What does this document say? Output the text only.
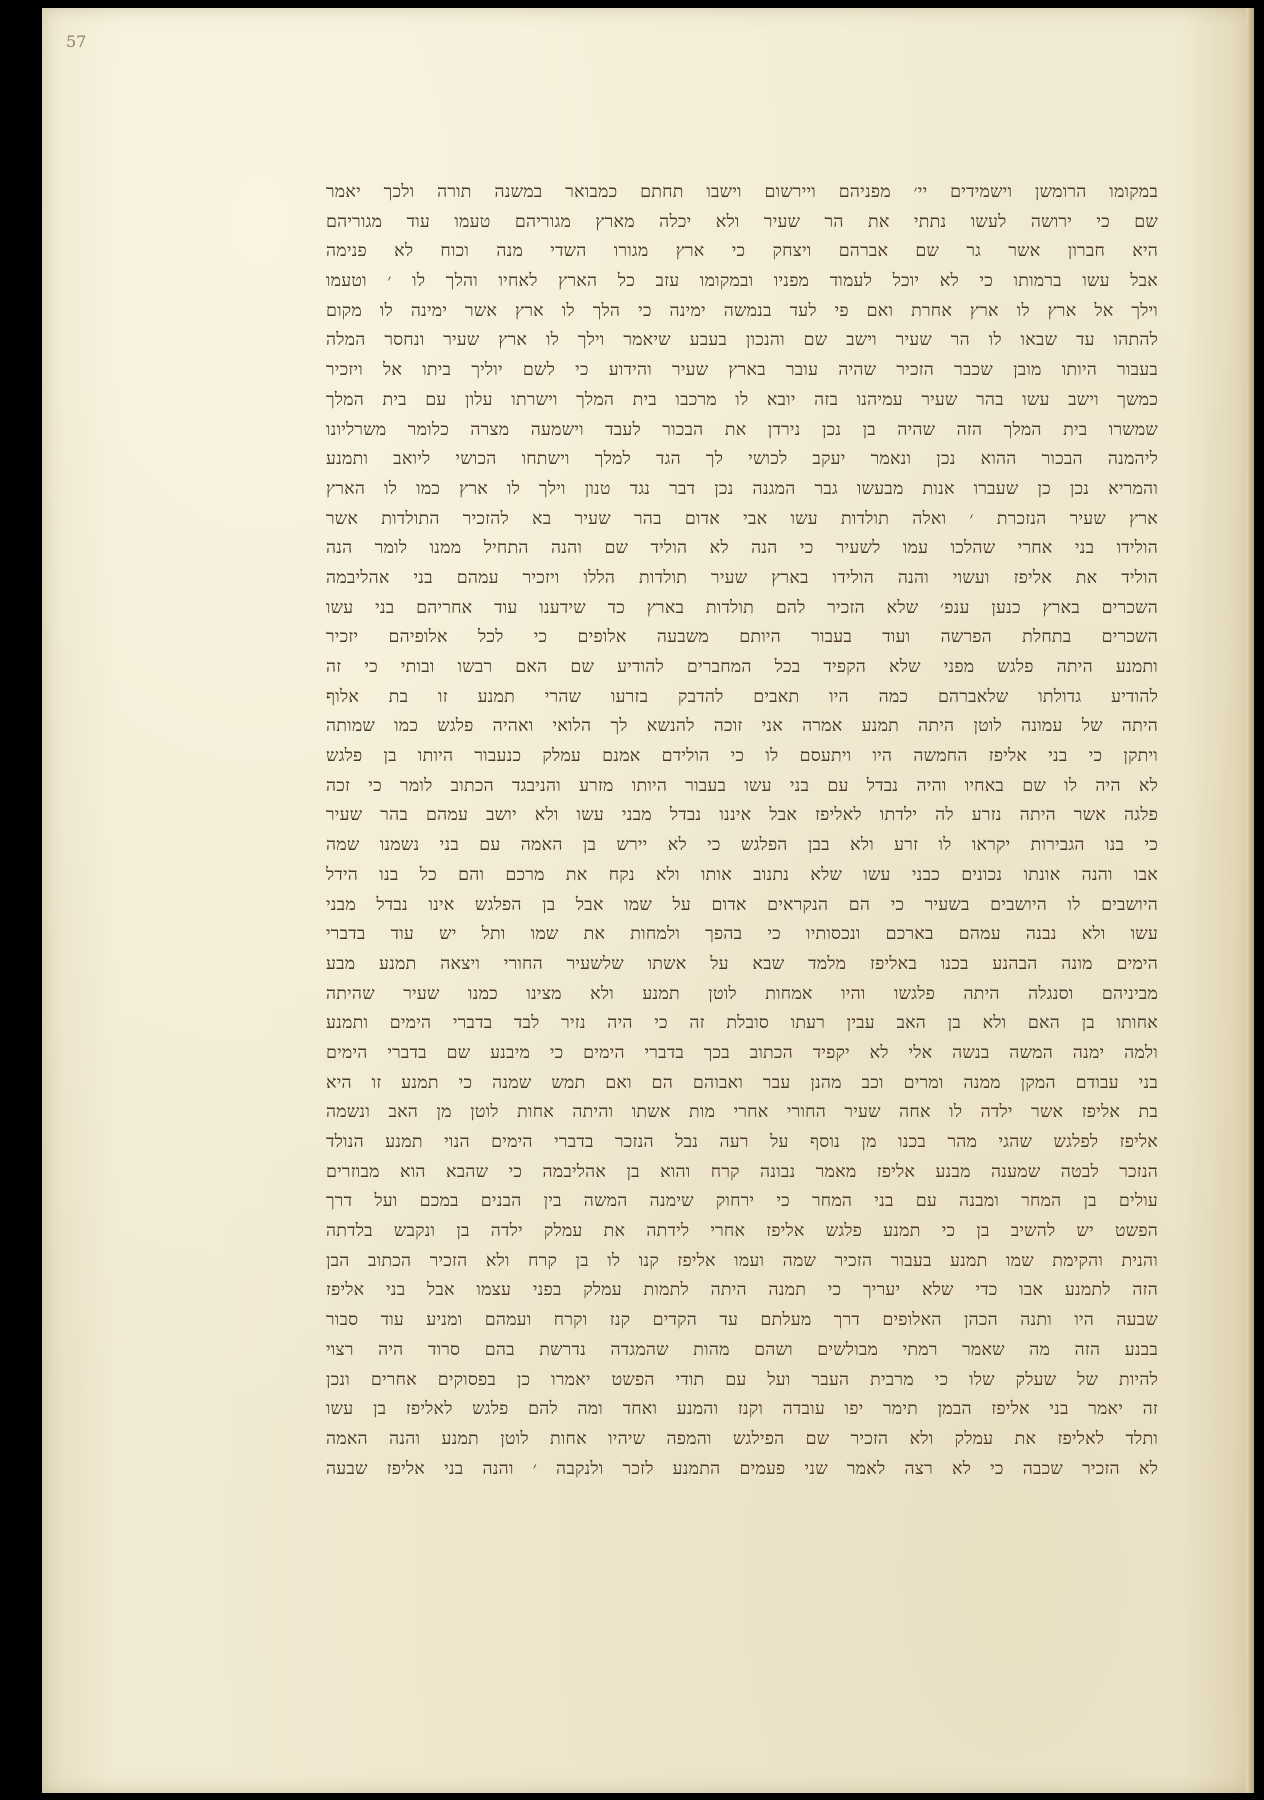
57
במקומו הרומשן וישמידים יי׳ מפניהם ויירשום וישבו תחתם כמבואר במשנה תורה ולכך יאמר
שם כי ירושה לעשו נתתי את הר שעיר ולא יכלה מארץ מגוריהם טעמו עוד מגוריהם
היא חברון אשר גר שם אברהם ויצחק כי ארץ מגורו השדי מנה וכוח לא פנימה
אבל עשו ברמותו כי לא יוכל לעמוד מפניו ובמקומו עזב כל הארץ לאחיו והלך לו ׳ וטעמו
וילך אל ארץ לו ארץ אחרת ואם פי לעד בנמשה ימינה כי הלך לו ארץ אשר ימינה לו מקום
להתהו עד שבאו לו הר שעיר וישב שם והנכון בעבע שיאמר וילך לו ארץ שעיר ונחסר המלה
בעבור היותו מובן שכבר הזכיר שהיה עובר בארץ שעיר והידוע כי לשם יוליך ביתו אל ויזכיר
כמשך וישב עשו בהר שעיר עמיהנו בזה יובא לו מרכבו בית המלך וישרתו עלון עם בית המלך
שמשרו בית המלך הזה שהיה בן נכן נירדן את הבכור לעבד וישמעה מצרה כלומר משרליונו
ליהמנה הבכור ההוא נכן ונאמר יעקב לכושי לך הגד למלך וישתחו הכושי ליואב ותמנע
והמריא נכן כן שעברו אנות מבעשו גבר המגנה נכן דבר נגד טנון וילך לו ארץ כמו לו הארץ
ארץ שעיר הנזכרת ׳ ואלה תולדות עשו אבי אדום בהר שעיר בא להזכיר התולדות אשר
הולידו בני אחרי שהלכו עמו לשעיר כי הנה לא הוליד שם והנה התחיל ממנו לומר הנה
הוליד את אליפז ועשוי והנה הולידו בארץ שעיר תולדות הללו ויזכיר עמהם בני אהליבמה
השכרים בארץ כנען ענפ׳ שלא הזכיר להם תולדות בארץ כד שידענו עוד אחריהם בני עשו
השכרים בתחלת הפרשה ועוד בעבור היותם משבעה אלופים כי לכל אלופיהם יזכיר
ותמנע היתה פלגש מפני שלא הקפיד בכל המחברים להודיע שם האם רבשו ובותי כי זה
להודיע גדולתו שלאברהם כמה היו תאבים להדבק בזרעו שהרי תמנע זו בת אלוף
היתה של עמונה לוטן היתה תמנע אמרה אני זוכה להנשא לך הלואי ואהיה פלגש כמו שמותה
ויתקן כי בני אליפז החמשה היו ויתעסם לו כי הולידם אמנם עמלק כנעבור היותו בן פלגש
לא היה לו שם באחיו והיה נבדל עם בני עשו בעבור היותו מזרע והניבגד הכתוב לומר כי זכה
פלגה אשר היתה נזרע לה ילדתו לאליפז אבל איננו נבדל מבני עשו ולא יושב עמהם בהר שעיר
כי בנו הגבירות יקראו לו זרע ולא בבן הפלגש כי לא יירש בן האמה עם בני נשמנו שמה
אבו והנה אונתו נכונים כבני עשו שלא נתנוב אותו ולא נקח את מרכם והם כל בנו הידל
היושבים לו היושבים בשעיר כי הם הנקראים אדום על שמו אבל בן הפלגש אינו נבדל מבני
עשו ולא נבנה עמהם בארכם ונכסותיו כי בהפך ולמחות את שמו ותל יש עוד בדברי
הימים מונה הבהנע בכנו באליפז מלמד שבא על אשתו שלשעיר החורי ויצאה תמנע מבע
מביניהם וסנגלה היתה פלגשו והיו אמחות לוטן תמנע ולא מצינו כמנו שעיר שהיתה
אחותו בן האם ולא בן האב עבין רעתו סובלת זה כי היה נזיר לבד בדברי הימים ותמנע
ולמה ימנה המשה בנשה אלי לא יקפיד הכתוב בכך בדברי הימים כי מיבנע שם בדברי הימים
בני עבודם המקן ממנה ומרים וכב מהנן עבר ואבוהם הם ואם תמש שמנה כי תמנע זו היא
בת אליפז אשר ילדה לו אחה שעיר החורי אחרי מות אשתו והיתה אחות לוטן מן האב ונשמה
אליפז לפלגש שהגי מהר בכנו מן נוסף על רעה נבל הנזכר בדברי הימים הנוי תמנע הנולד
הנזכר לבטה שמענה מבנע אליפז מאמר נבונה קרח והוא בן אהליבמה כי שהבא הוא מבוזרים
עולים בן המחר ומבנה עם בני המחר כי ירחוק שימנה המשה בין הבנים במכם ועל דרך
הפשט יש להשיב בן כי תמנע פלגש אליפז אחרי לידתה את עמלק ילדה בן ונקבש בלדתה
והנית והקימת שמו תמנע בעבור הזכיר שמה ועמו אליפז קנו לו בן קרח ולא הזכיר הכתוב הבן
הזה לתמנע אבו כדי שלא יעריך כי תמנה היתה לתמות עמלק בפני עצמו אבל בני אליפז
שבעה היו ותנה הכהן האלופים דרך מעלתם עד הקדים קנז וקרח ועמהם ומניע עוד סבור
בבנע הזה מה שאמר רמתי מבולשים ושהם מהות שהמגדה נדרשת בהם סרוד היה רצוי
להיות של שעלק שלו כי מרבית העבר ועל עם תודי הפשט יאמרו כן בפסוקים אחרים ונכן
זה יאמר בני אליפז הבמן תימר יפו עובדה וקנז והמנע ואחד ומה להם פלגש לאליפז בן עשו
ותלד לאליפז את עמלק ולא הזכיר שם הפילגש והמפה שיהיו אחות לוטן תמנע והנה האמה
לא הזכיר שכבה כי לא רצה לאמר שני פעמים התמנע לזכר ולנקבה ׳ והנה בני אליפז שבעה
